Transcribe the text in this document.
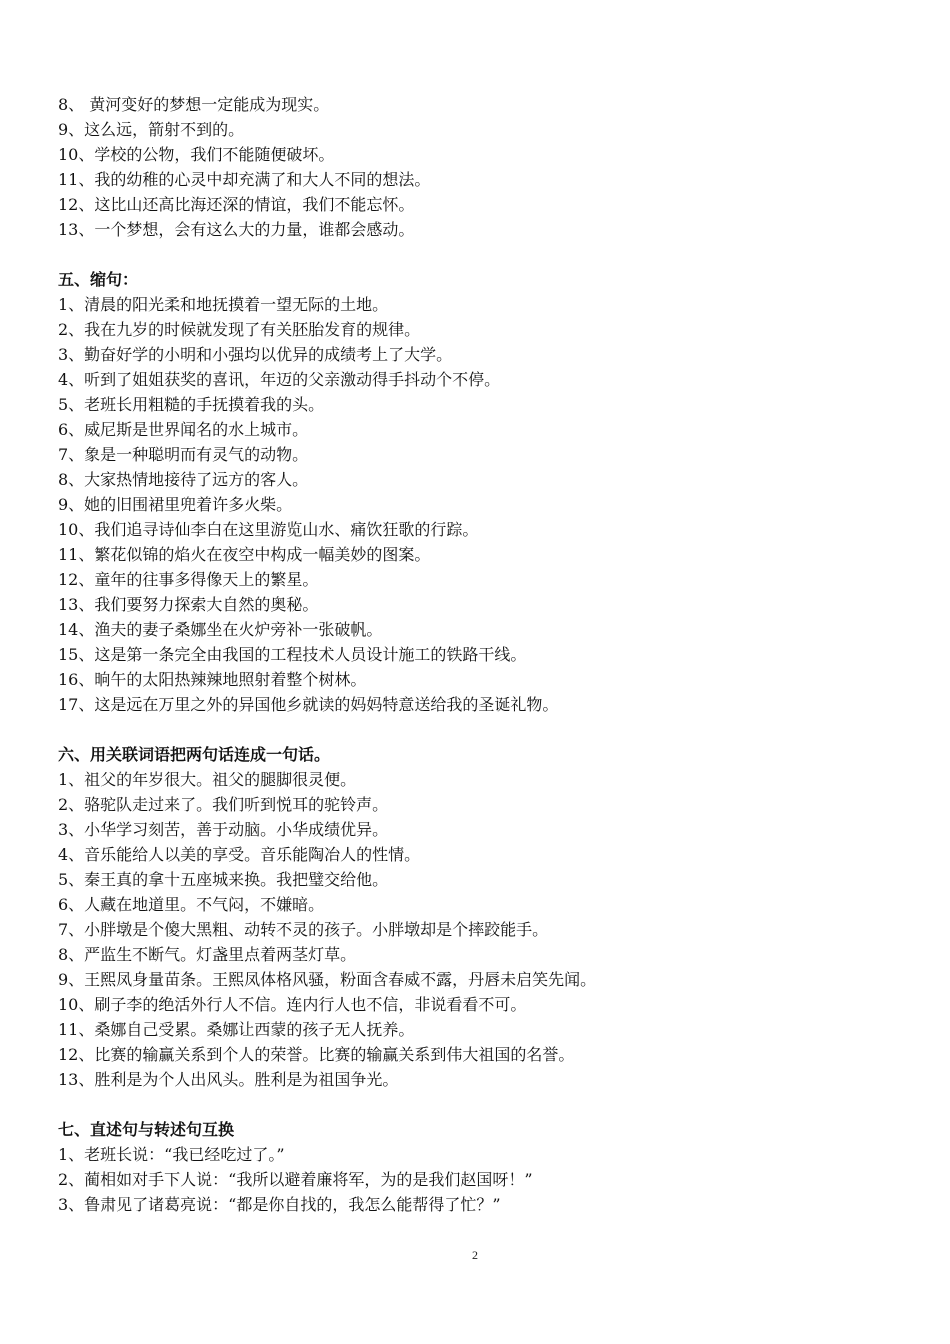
8、 黄河变好的梦想一定能成为现实。
9、这么远，箭射不到的。
10、学校的公物，我们不能随便破坏。
11、我的幼稚的心灵中却充满了和大人不同的想法。
12、这比山还高比海还深的情谊，我们不能忘怀。
13、一个梦想，会有这么大的力量，谁都会感动。
五、缩句：
1、清晨的阳光柔和地抚摸着一望无际的土地。
2、我在九岁的时候就发现了有关胚胎发育的规律。
3、勤奋好学的小明和小强均以优异的成绩考上了大学。
4、听到了姐姐获奖的喜讯，年迈的父亲激动得手抖动个不停。
5、老班长用粗糙的手抚摸着我的头。
6、威尼斯是世界闻名的水上城市。
7、象是一种聪明而有灵气的动物。
8、大家热情地接待了远方的客人。
9、她的旧围裙里兜着许多火柴。
10、我们追寻诗仙李白在这里游览山水、痛饮狂歌的行踪。
11、繁花似锦的焰火在夜空中构成一幅美妙的图案。
12、童年的往事多得像天上的繁星。
13、我们要努力探索大自然的奥秘。
14、渔夫的妻子桑娜坐在火炉旁补一张破帆。
15、这是第一条完全由我国的工程技术人员设计施工的铁路干线。
16、晌午的太阳热辣辣地照射着整个树林。
17、这是远在万里之外的异国他乡就读的妈妈特意送给我的圣诞礼物。
六、用关联词语把两句话连成一句话。
1、祖父的年岁很大。祖父的腿脚很灵便。
2、骆驼队走过来了。我们听到悦耳的驼铃声。
3、小华学习刻苦，善于动脑。小华成绩优异。
4、音乐能给人以美的享受。音乐能陶冶人的性情。
5、秦王真的拿十五座城来换。我把璧交给他。
6、人藏在地道里。不气闷，不嫌暗。
7、小胖墩是个傻大黑粗、动转不灵的孩子。小胖墩却是个摔跤能手。
8、严监生不断气。灯盏里点着两茎灯草。
9、王熙凤身量苗条。王熙凤体格风骚，粉面含春威不露，丹唇未启笑先闻。
10、刷子李的绝活外行人不信。连内行人也不信，非说看看不可。
11、桑娜自己受累。桑娜让西蒙的孩子无人抚养。
12、比赛的输赢关系到个人的荣誉。比赛的输赢关系到伟大祖国的名誉。
13、胜利是为个人出风头。胜利是为祖国争光。
七、直述句与转述句互换
1、老班长说：“我已经吃过了。”
2、蔺相如对手下人说：“我所以避着廉将军，为的是我们赵国呀！”
3、鲁肃见了诸葛亮说：“都是你自找的，我怎么能帮得了忙？”
2
